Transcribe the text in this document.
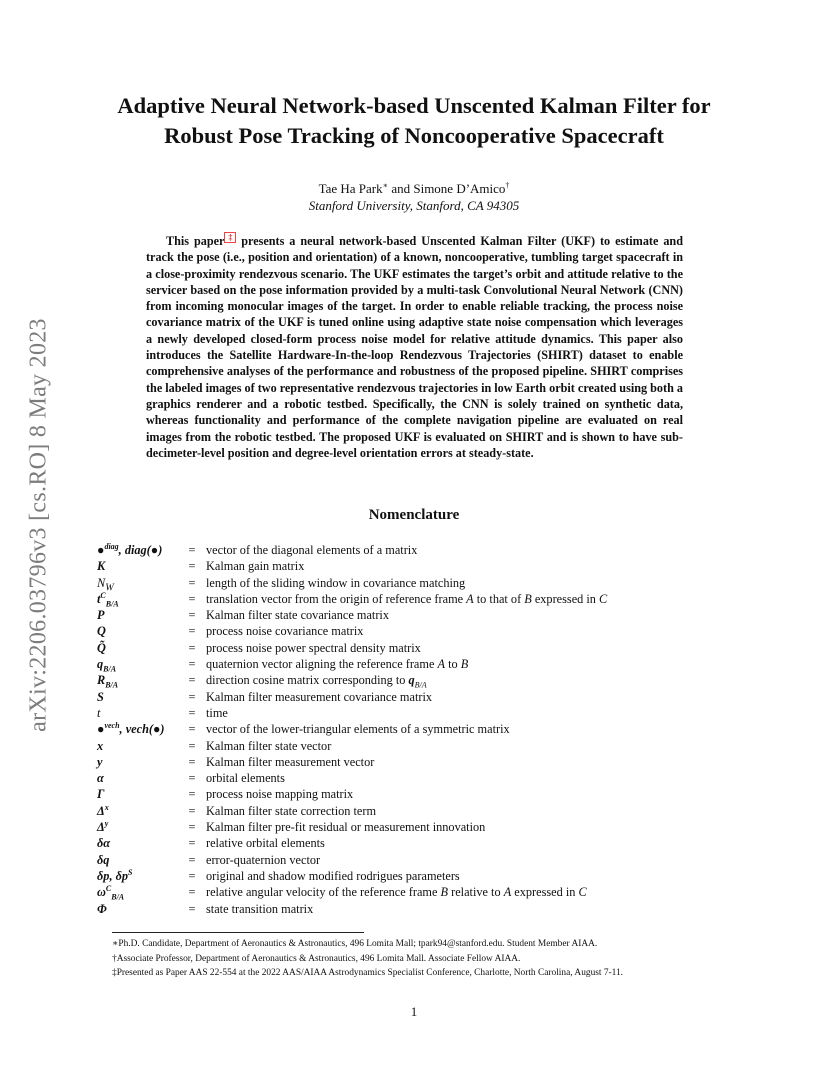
arXiv:2206.03796v3 [cs.RO] 8 May 2023
Adaptive Neural Network-based Unscented Kalman Filter for
Robust Pose Tracking of Noncooperative Spacecraft
Tae Ha Park∗ and Simone D’Amico†
Stanford University, Stanford, CA 94305
This paper ‡ presents a neural network-based Unscented Kalman Filter (UKF) to estimate and track the pose (i.e., position and orientation) of a known, noncooperative, tumbling target spacecraft in a close-proximity rendezvous scenario. The UKF estimates the target’s orbit and attitude relative to the servicer based on the pose information provided by a multi-task Convolutional Neural Network (CNN) from incoming monocular images of the target. In order to enable reliable tracking, the process noise covariance matrix of the UKF is tuned online using adaptive state noise compensation which leverages a newly developed closed-form process noise model for relative attitude dynamics. This paper also introduces the Satellite Hardware-In-the-loop Rendezvous Trajectories (SHIRT) dataset to enable comprehensive analyses of the performance and robustness of the proposed pipeline. SHIRT comprises the labeled images of two representative rendezvous trajectories in low Earth orbit created using both a graphics renderer and a robotic testbed. Specifically, the CNN is solely trained on synthetic data, whereas functionality and performance of the complete navigation pipeline are evaluated on real images from the robotic testbed. The proposed UKF is evaluated on SHIRT and is shown to have sub-decimeter-level position and degree-level orientation errors at steady-state.
Nomenclature
●$^{diag}$, diag(●)	= vector of the diagonal elements of a matrix
K	= Kalman gain matrix
$N_W$	= length of the sliding window in covariance matching
$t^C_{B/A}$	= translation vector from the origin of reference frame A to that of B expressed in C
P	= Kalman filter state covariance matrix
Q	= process noise covariance matrix
Q̃	= process noise power spectral density matrix
$q_{B/A}$	= quaternion vector aligning the reference frame A to B
$R_{B/A}$	= direction cosine matrix corresponding to $q_{B/A}$
S	= Kalman filter measurement covariance matrix
t	= time
●$^{vech}$, vech(●)	= vector of the lower-triangular elements of a symmetric matrix
x	= Kalman filter state vector
y	= Kalman filter measurement vector
α	= orbital elements
Γ	= process noise mapping matrix
$\Delta^x$	= Kalman filter state correction term
$\Delta^y$	= Kalman filter pre-fit residual or measurement innovation
δα	= relative orbital elements
δq	= error-quaternion vector
δp, $\delta p^S$	= original and shadow modified rodrigues parameters
$\omega^C_{B/A}$	= relative angular velocity of the reference frame B relative to A expressed in C
Φ	= state transition matrix
∗Ph.D. Candidate, Department of Aeronautics & Astronautics, 496 Lomita Mall; tpark94@stanford.edu. Student Member AIAA.
†Associate Professor, Department of Aeronautics & Astronautics, 496 Lomita Mall. Associate Fellow AIAA.
‡Presented as Paper AAS 22-554 at the 2022 AAS/AIAA Astrodynamics Specialist Conference, Charlotte, North Carolina, August 7-11.
1
